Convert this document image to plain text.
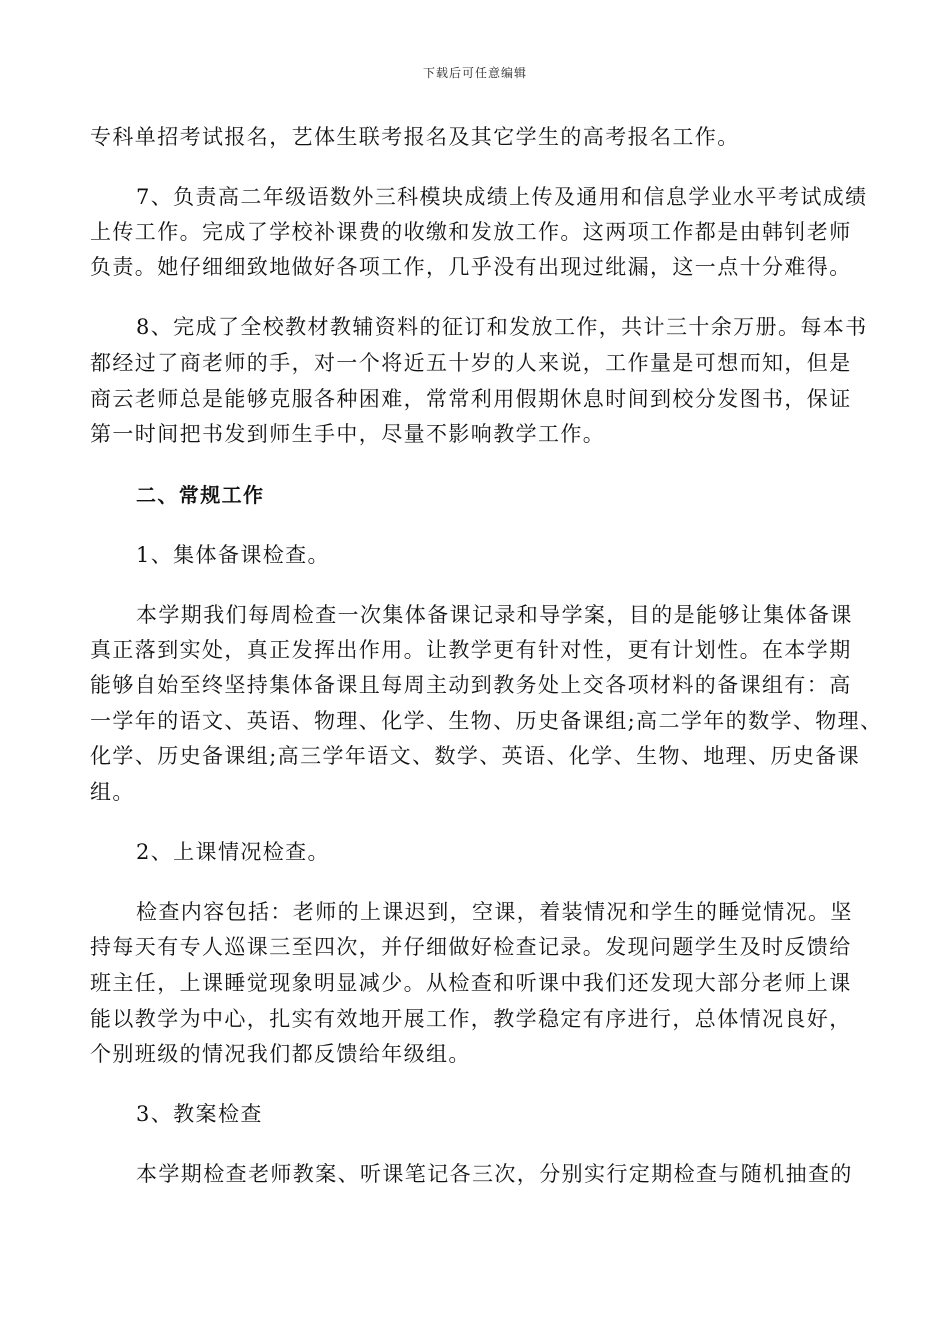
下载后可任意编辑
专科单招考试报名，艺体生联考报名及其它学生的高考报名工作。
7、负责高二年级语数外三科模块成绩上传及通用和信息学业水平考试成绩
上传工作。完成了学校补课费的收缴和发放工作。这两项工作都是由韩钊老师
负责。她仔细细致地做好各项工作，几乎没有出现过纰漏，这一点十分难得。
8、完成了全校教材教辅资料的征订和发放工作，共计三十余万册。每本书
都经过了商老师的手，对一个将近五十岁的人来说，工作量是可想而知，但是
商云老师总是能够克服各种困难，常常利用假期休息时间到校分发图书，保证
第一时间把书发到师生手中，尽量不影响教学工作。
二、常规工作
1、集体备课检查。
本学期我们每周检查一次集体备课记录和导学案，目的是能够让集体备课
真正落到实处，真正发挥出作用。让教学更有针对性，更有计划性。在本学期
能够自始至终坚持集体备课且每周主动到教务处上交各项材料的备课组有：高
一学年的语文、英语、物理、化学、生物、历史备课组;高二学年的数学、物理、
化学、历史备课组;高三学年语文、数学、英语、化学、生物、地理、历史备课
组。
2、上课情况检查。
检查内容包括：老师的上课迟到，空课，着装情况和学生的睡觉情况。坚
持每天有专人巡课三至四次，并仔细做好检查记录。发现问题学生及时反馈给
班主任，上课睡觉现象明显减少。从检查和听课中我们还发现大部分老师上课
能以教学为中心，扎实有效地开展工作，教学稳定有序进行，总体情况良好，
个别班级的情况我们都反馈给年级组。
3、教案检查
本学期检查老师教案、听课笔记各三次，分别实行定期检查与随机抽查的
